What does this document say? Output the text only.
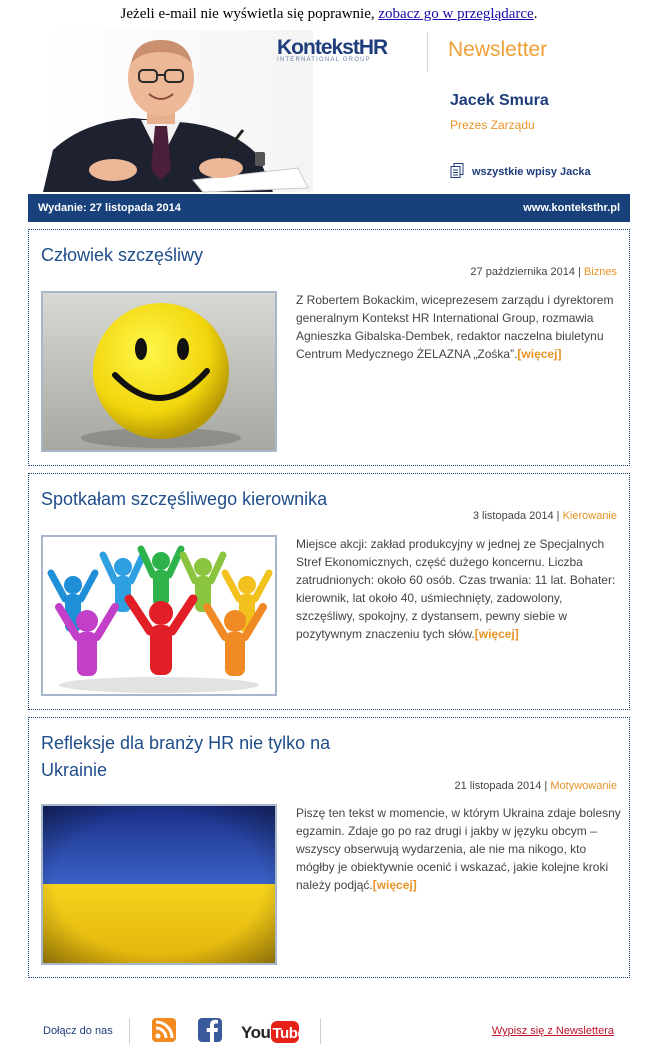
Jeżeli e-mail nie wyświetla się poprawnie, zobacz go w przeglądarce.
KontekstHR
INTERNATIONAL GROUP	Newsletter
Jacek Smura
Prezes Zarządu
wszystkie wpisy Jacka
Wydanie: 27 listopada 2014	www.konteksthr.pl
Człowiek szczęśliwy
27 października 2014 | Biznes
Z Robertem Bokackim, wiceprezesem zarządu i dyrektorem generalnym Kontekst HR International Group, rozmawia Agnieszka Gibalska-Dembek, redaktor naczelna biuletynu Centrum Medycznego ŻELAZNA „Zośka”.[więcej]
Spotkałam szczęśliwego kierownika
3 listopada 2014 | Kierowanie
Miejsce akcji: zakład produkcyjny w jednej ze Specjalnych Stref Ekonomicznych, część dużego koncernu. Liczba zatrudnionych: około 60 osób. Czas trwania: 11 lat. Bohater: kierownik, lat około 40, uśmiechnięty, zadowolony, szczęśliwy, spokojny, z dystansem, pewny siebie w pozytywnym znaczeniu tych słów.[więcej]
Refleksje dla branży HR nie tylko na Ukrainie
21 listopada 2014 | Motywowanie
Piszę ten tekst w momencie, w którym Ukraina zdaje bolesny egzamin. Zdaje go po raz drugi i jakby w języku obcym – wszyscy obserwują wydarzenia, ale nie ma nikogo, kto mógłby je obiektywnie ocenić i wskazać, jakie kolejne kroki należy podjąć.[więcej]
Dołącz do nas	You Tube	Wypisz się z Newslettera
